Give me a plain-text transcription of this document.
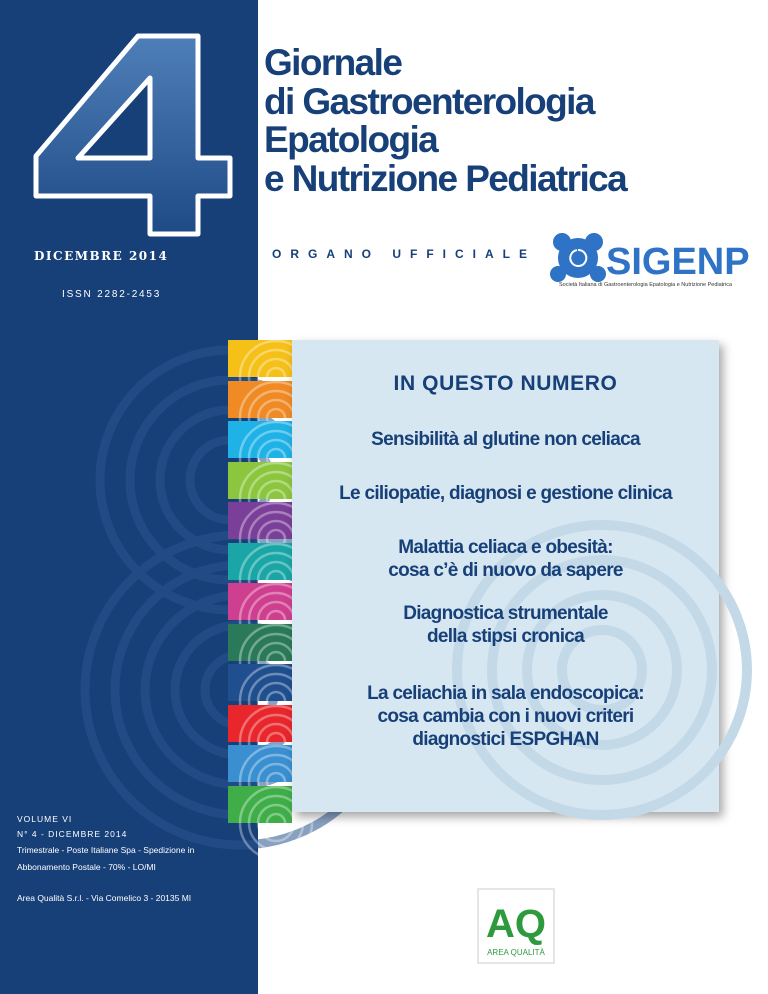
DICEMBRE 2014
ISSN 2282-2453
VOLUME VI
N° 4 - DICEMBRE 2014
Trimestrale - Poste Italiane Spa - Spedizione in
Abbonamento Postale - 70% - LO/MI
Area Qualità S.r.l. - Via Comelico 3 - 20135 MI
Giornale
di Gastroenterologia
Epatologia
e Nutrizione Pediatrica
ORGANO UFFICIALE SIGENP
Società Italiana di Gastroenterologia Epatologia e Nutrizione Pediatrica
IN QUESTO NUMERO
Sensibilità al glutine non celiaca
Le ciliopatie, diagnosi e gestione clinica
Malattia celiaca e obesità:
cosa c’è di nuovo da sapere
Diagnostica strumentale
della stipsi cronica
La celiachia in sala endoscopica:
cosa cambia con i nuovi criteri
diagnostici ESPGHAN
AQ
AREA QUALITÀ
